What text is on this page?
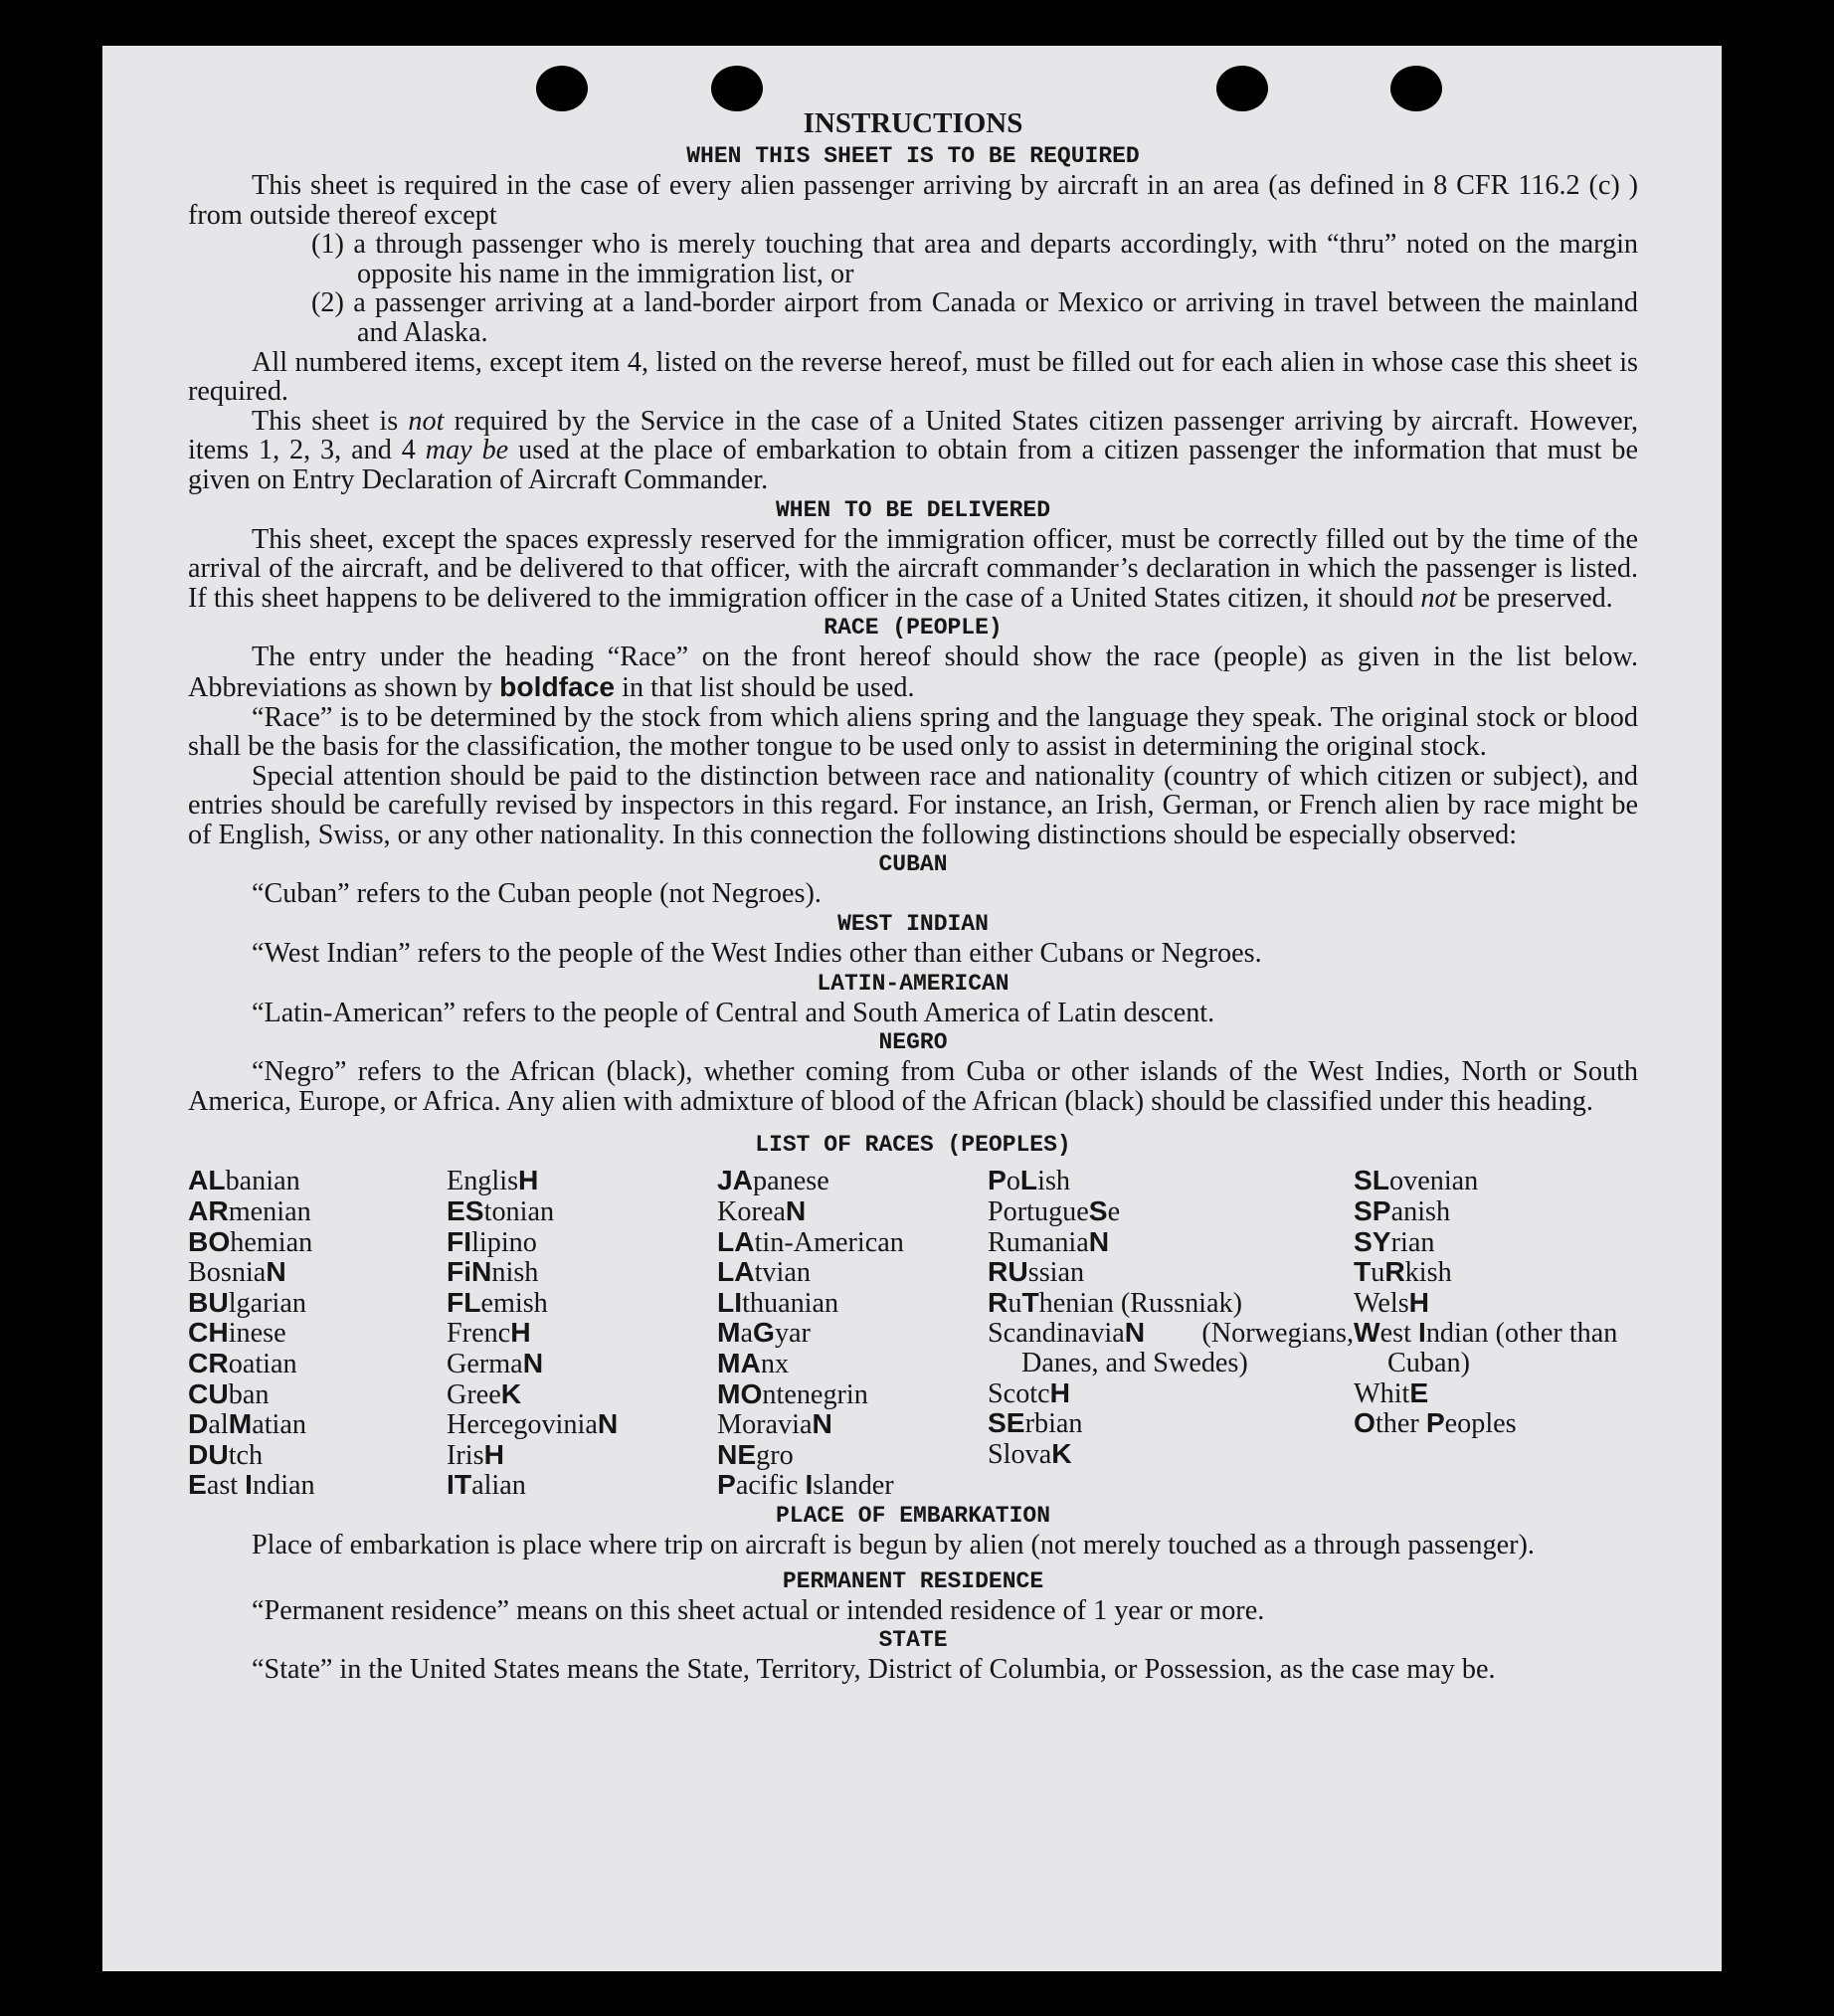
INSTRUCTIONS
WHEN THIS SHEET IS TO BE REQUIRED

This sheet is required in the case of every alien passenger arriving by aircraft in an area (as defined in 8 CFR 116.2 (c) ) from outside thereof except

(1) a through passenger who is merely touching that area and departs accordingly, with “thru” noted on the margin opposite his name in the immigration list, or
(2) a passenger arriving at a land-border airport from Canada or Mexico or arriving in travel between the mainland and Alaska.

All numbered items, except item 4, listed on the reverse hereof, must be filled out for each alien in whose case this sheet is required.

This sheet is not required by the Service in the case of a United States citizen passenger arriving by aircraft. However, items 1, 2, 3, and 4 may be used at the place of embarkation to obtain from a citizen passenger the information that must be given on Entry Declaration of Aircraft Commander.

WHEN TO BE DELIVERED

This sheet, except the spaces expressly reserved for the immigration officer, must be correctly filled out by the time of the arrival of the aircraft, and be delivered to that officer, with the aircraft commander’s declaration in which the passenger is listed. If this sheet happens to be delivered to the immigration officer in the case of a United States citizen, it should not be preserved.

RACE (PEOPLE)

The entry under the heading “Race” on the front hereof should show the race (people) as given in the list below. Abbreviations as shown by boldface in that list should be used.

“Race” is to be determined by the stock from which aliens spring and the language they speak. The original stock or blood shall be the basis for the classification, the mother tongue to be used only to assist in determining the original stock.

Special attention should be paid to the distinction between race and nationality (country of which citizen or subject), and entries should be carefully revised by inspectors in this regard. For instance, an Irish, German, or French alien by race might be of English, Swiss, or any other nationality. In this connection the following distinctions should be especially observed:

CUBAN

“Cuban” refers to the Cuban people (not Negroes).

WEST INDIAN

“West Indian” refers to the people of the West Indies other than either Cubans or Negroes.

LATIN-AMERICAN

“Latin-American” refers to the people of Central and South America of Latin descent.

NEGRO

“Negro” refers to the African (black), whether coming from Cuba or other islands of the West Indies, North or South America, Europe, or Africa. Any alien with admixture of blood of the African (black) should be classified under this heading.

LIST OF RACES (PEOPLES)
ALbanian
ARmenian
BOhemian
BosniaN
BUlgarian
CHinese
CRoatian
CUban
DalMatian
DUtch
East Indian
EnglisH
EStonian
FIlipino
FiNnish
FLemish
FrencH
GermaN
GreeK
HercegoviniaN
IrisH
ITalian
JApanese
KoreaN
LAtin-American
LAtvian
LIthuanian
MaGyar
MAnx
MOntenegrin
MoraviaN
NEgro
Pacific Islander
PoLish
PortugueSe
RumaniaN
RUssian
RuThenian (Russniak)
ScandinaviaN (Norwegians, Danes, and Swedes)
ScotcH
SErbian
SlovaK
SLovenian
SPanish
SYrian
TuRkish
WelsH
West Indian (other than Cuban)
WhitE
Other Peoples
PLACE OF EMBARKATION

Place of embarkation is place where trip on aircraft is begun by alien (not merely touched as a through passenger).

PERMANENT RESIDENCE

“Permanent residence” means on this sheet actual or intended residence of 1 year or more.

STATE

“State” in the United States means the State, Territory, District of Columbia, or Possession, as the case may be.
